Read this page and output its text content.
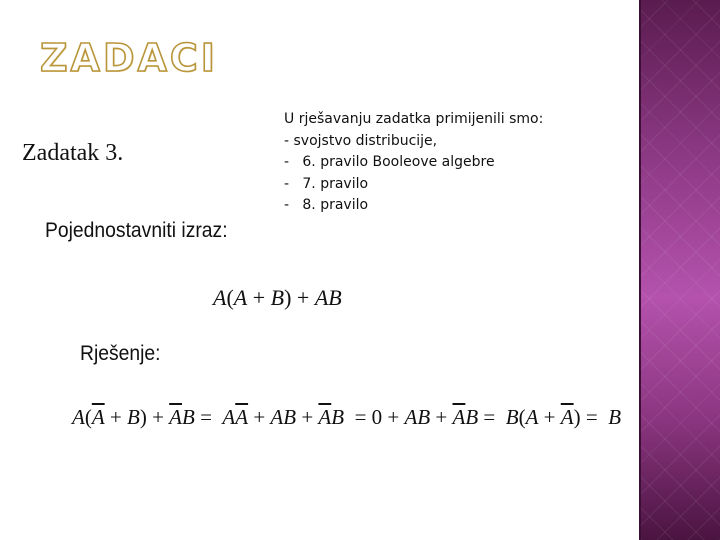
ZADACI
Zadatak 3.
Pojednostavniti izraz:
A(A + B) + AB
Rješenje:
$A(\overline{A} + B) + \overline{A}B = A\overline{A}$ + AB + $\overline{A}B = 0$ + AB + $\overline{A}B = B(A + \overline{A}) = B$

U rješavanju zadatka primijenili smo:

- svojstvo distribucije,

-   6. pravilo Booleove algebre

-   7. pravilo

-   8. pravilo
